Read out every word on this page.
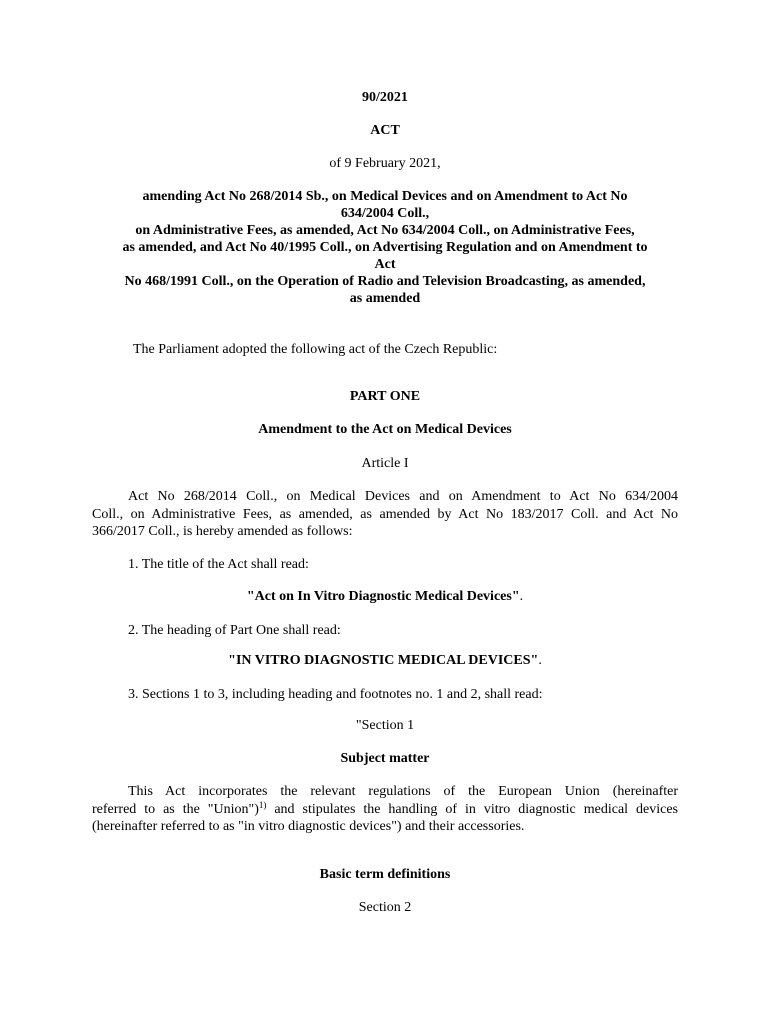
90/2021
ACT
of 9 February 2021,
amending Act No 268/2014 Sb., on Medical Devices and on Amendment to Act No
634/2004 Coll.,
on Administrative Fees, as amended, Act No 634/2004 Coll., on Administrative Fees,
as amended, and Act No 40/1995 Coll., on Advertising Regulation and on Amendment to
Act
No 468/1991 Coll., on the Operation of Radio and Television Broadcasting, as amended,
as amended
The Parliament adopted the following act of the Czech Republic:
PART ONE
Amendment to the Act on Medical Devices
Article I
Act No 268/2014 Coll., on Medical Devices and on Amendment to Act No 634/2004
Coll., on Administrative Fees, as amended, as amended by Act No 183/2017 Coll. and Act No
366/2017 Coll., is hereby amended as follows:
1. The title of the Act shall read:
"Act on In Vitro Diagnostic Medical Devices".
2. The heading of Part One shall read:
"IN VITRO DIAGNOSTIC MEDICAL DEVICES".
3. Sections 1 to 3, including heading and footnotes no. 1 and 2, shall read:
"Section 1
Subject matter
This Act incorporates the relevant regulations of the European Union (hereinafter
referred to as the "Union")$^{1)}$ and stipulates the handling of in vitro diagnostic medical devices
(hereinafter referred to as "in vitro diagnostic devices") and their accessories.
Basic term definitions
Section 2
